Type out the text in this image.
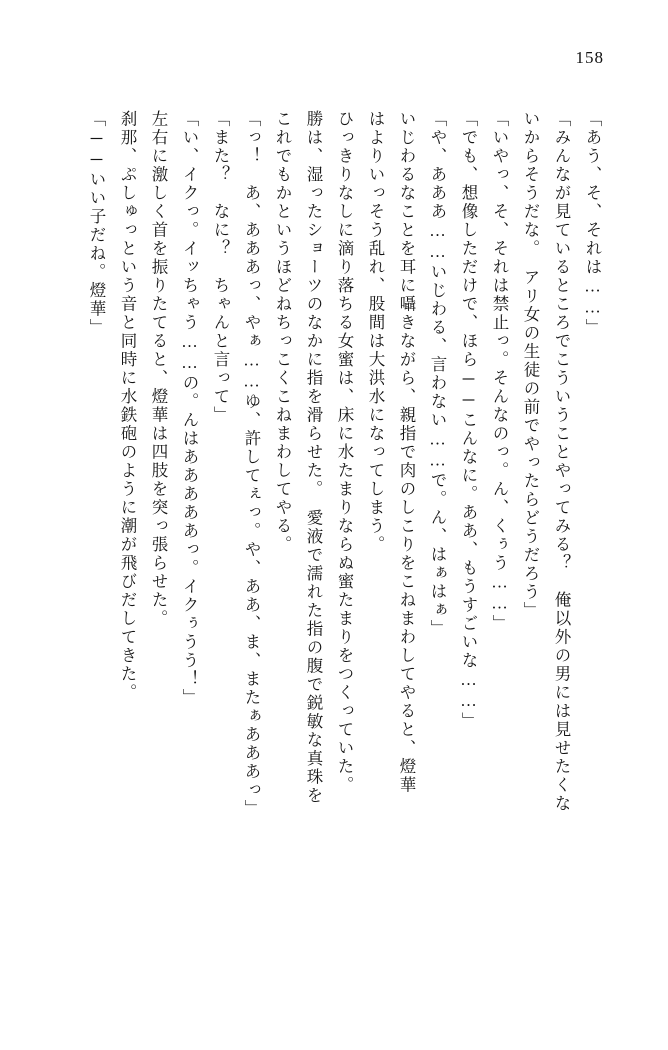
158
「あう、そ、それは……」
「みんなが見ているところでこういうことやってみる？　俺以外の男には見せたくな
いからそうだな。　アリ女の生徒の前でやったらどうだろう」
「いやっ、そ、それは禁止っ。そんなのっ。ん、くぅう……」
「でも、想像しただけで、ほら──こんなに。ああ、もうすごいな……」
「や、あああ……いじわる、言わない……で。ん、はぁはぁ」
いじわるなことを耳に囁きながら、親指で肉のしこりをこねまわしてやると、燈華
はよりいっそう乱れ、股間は大洪水になってしまう。
ひっきりなしに滴り落ちる女蜜は、床に水たまりならぬ蜜たまりをつくっていた。
勝は、湿ったショーツのなかに指を滑らせた。　愛液で濡れた指の腹で鋭敏な真珠を
これでもかというほどねちっこくこねまわしてやる。
「っ！　あ、あああっ、やぁ……ゆ、許してぇっ。や、ああ、ま、またぁあああっ」
「また？　なに？　ちゃんと言って」
「い、イクっ。イッちゃう……の。んはあああああっ。イクぅうう！」
左右に激しく首を振りたてると、燈華は四肢を突っ張らせた。
刹那、ぷしゅっという音と同時に水鉄砲のように潮が飛びだしてきた。
「──いい子だね。燈華」
